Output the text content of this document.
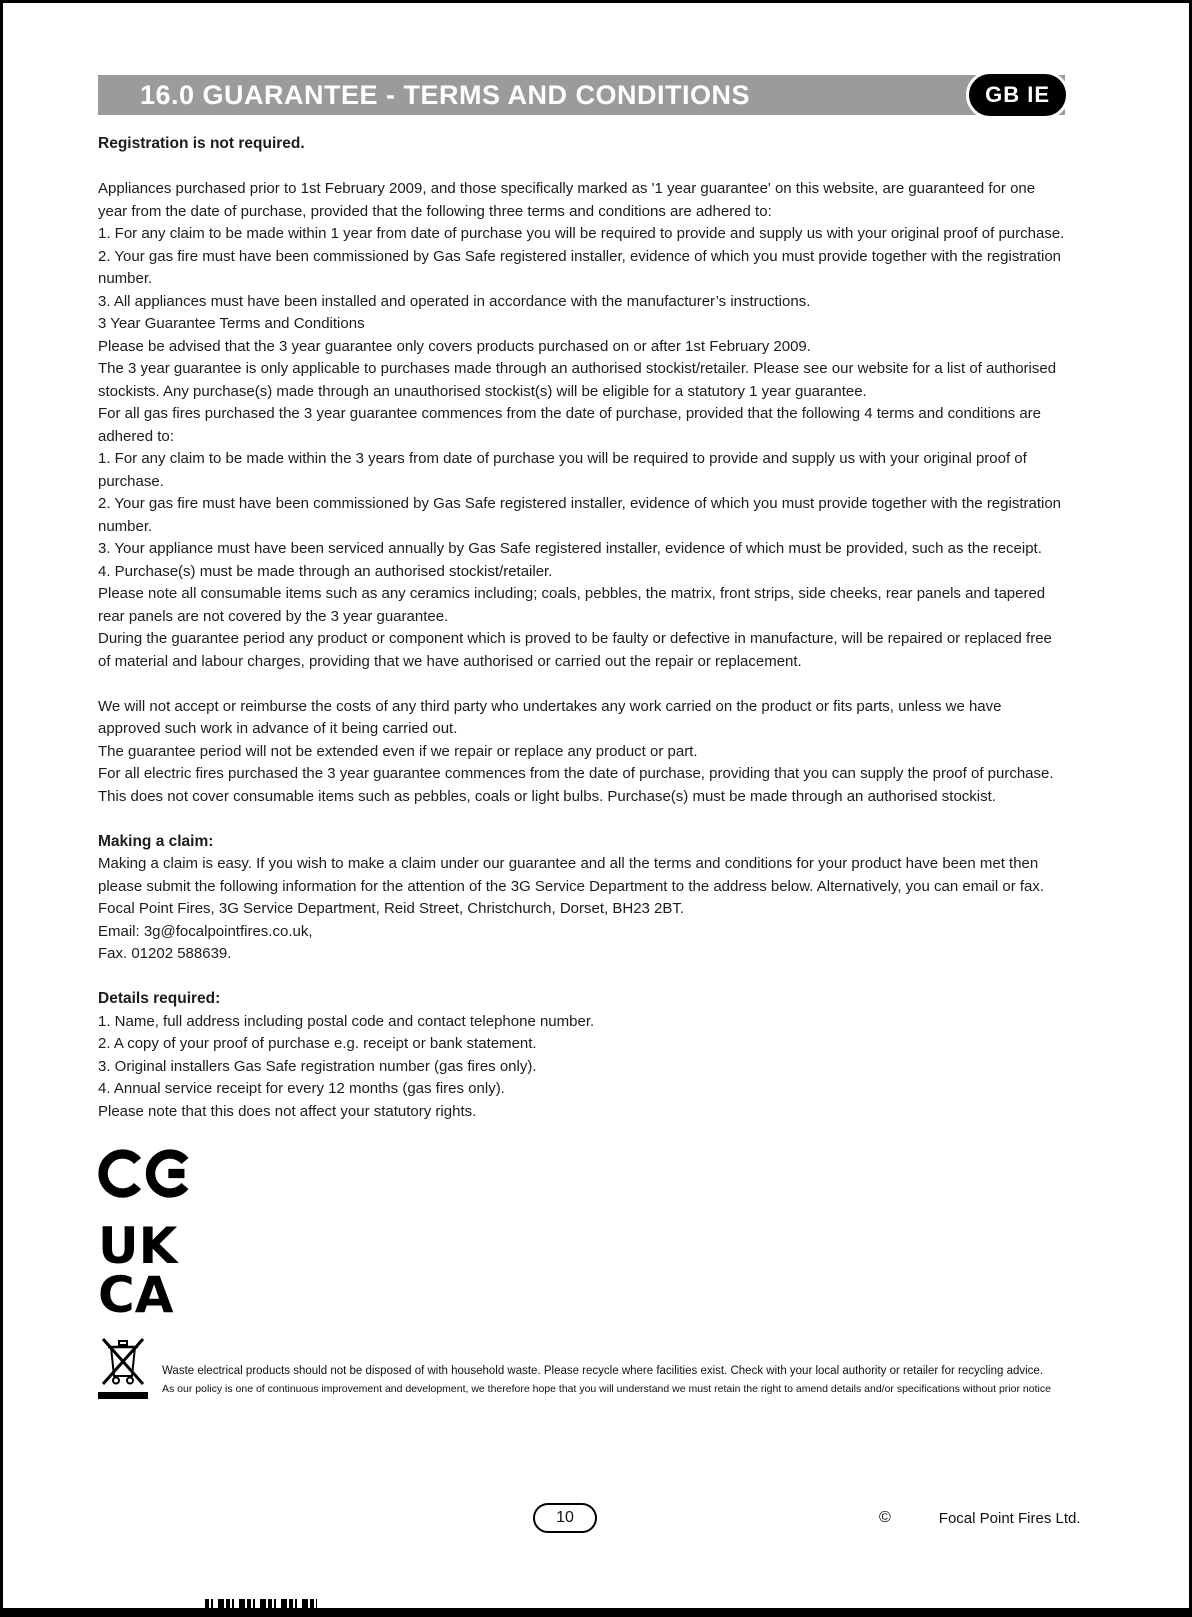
16.0 GUARANTEE - TERMS AND CONDITIONS	GB IE

Registration is not required.

Appliances purchased prior to 1st February 2009, and those specifically marked as '1 year guarantee' on this website, are guaranteed for one year from the date of purchase, provided that the following three terms and conditions are adhered to:

1. For any claim to be made within 1 year from date of purchase you will be required to provide and supply us with your original proof of purchase.

2. Your gas fire must have been commissioned by Gas Safe registered installer, evidence of which you must provide together with the registration number.

3. All appliances must have been installed and operated in accordance with the manufacturer’s instructions.

3 Year Guarantee Terms and Conditions

Please be advised that the 3 year guarantee only covers products purchased on or after 1st February 2009.

The 3 year guarantee is only applicable to purchases made through an authorised stockist/retailer. Please see our website for a list of authorised stockists. Any purchase(s) made through an unauthorised stockist(s) will be eligible for a statutory 1 year guarantee.

For all gas fires purchased the 3 year guarantee commences from the date of purchase, provided that the following 4 terms and conditions are adhered to:

1. For any claim to be made within the 3 years from date of purchase you will be required to provide and supply us with your original proof of purchase.

2. Your gas fire must have been commissioned by Gas Safe registered installer, evidence of which you must provide together with the registration number.

3. Your appliance must have been serviced annually by Gas Safe registered installer, evidence of which must be provided, such as the receipt.

4. Purchase(s) must be made through an authorised stockist/retailer.

Please note all consumable items such as any ceramics including; coals, pebbles, the matrix, front strips, side cheeks, rear panels and tapered rear panels are not covered by the 3 year guarantee.

During the guarantee period any product or component which is proved to be faulty or defective in manufacture, will be repaired or replaced free of material and labour charges, providing that we have authorised or carried out the repair or replacement.

We will not accept or reimburse the costs of any third party who undertakes any work carried on the product or fits parts, unless we have approved such work in advance of it being carried out.

The guarantee period will not be extended even if we repair or replace any product or part.

For all electric fires purchased the 3 year guarantee commences from the date of purchase, providing that you can supply the proof of purchase. This does not cover consumable items such as pebbles, coals or light bulbs. Purchase(s) must be made through an authorised stockist.

Making a claim:

Making a claim is easy. If you wish to make a claim under our guarantee and all the terms and conditions for your product have been met then please submit the following information for the attention of the 3G Service Department to the address below. Alternatively, you can email or fax.

Focal Point Fires, 3G Service Department, Reid Street, Christchurch, Dorset, BH23 2BT.

Email: 3g@focalpointfires.co.uk,

Fax. 01202 588639.

Details required:

1. Name, full address including postal code and contact telephone number.

2. A copy of your proof of purchase e.g. receipt or bank statement.

3. Original installers Gas Safe registration number (gas fires only).

4. Annual service receipt for every 12 months (gas fires only).

Please note that this does not affect your statutory rights.

UK
CA
Waste electrical products should not be disposed of with household waste. Please recycle where facilities exist. Check with your local authority or retailer for recycling advice.
As our policy is one of continuous improvement and development, we therefore hope that you will understand we must retain the right to amend details and/or specifications without prior notice
10	©	Focal Point Fires Ltd.
